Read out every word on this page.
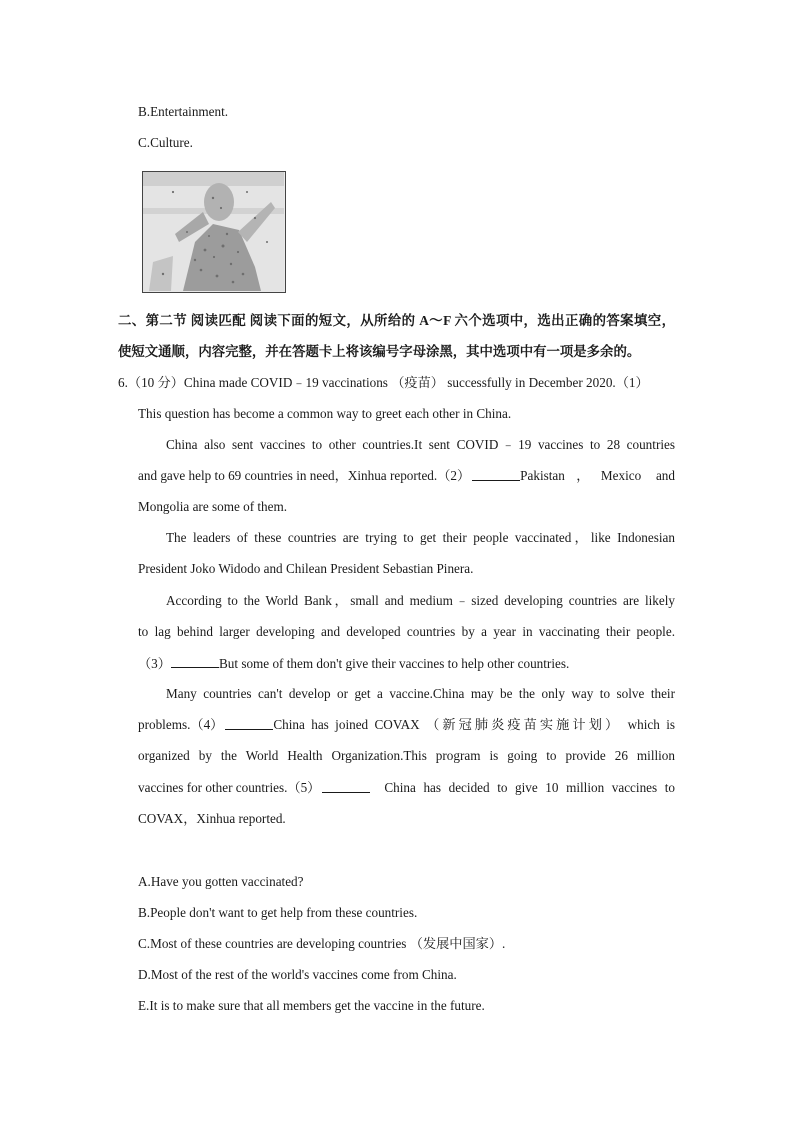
B.Entertainment.
C.Culture.
二、第二节 阅读匹配 阅读下面的短文，从所给的 A～F 六个选项中，选出正确的答案填空，
使短文通顺，内容完整，并在答题卡上将该编号字母涂黑，其中选项中有一项是多余的。
6.（10 分）China made COVID﹣19 vaccinations （疫苗） successfully in December 2020.（1）
This question has become a common way to greet each other in China.
China also sent vaccines to other countries.It sent COVID﹣19 vaccines to 28 countries
and gave help to 69 countries in need，Xinhua reported.（2）	Pakistan，Mexico and
Mongolia are some of them.
The leaders of these countries are trying to get their people vaccinated，like Indonesian
President Joko Widodo and Chilean President Sebastian Pinera.
According to the World Bank，small and medium﹣sized developing countries are likely
to lag behind larger developing and developed countries by a year in vaccinating their people.
（3）	But some of them don't give their vaccines to help other countries.
Many countries can't develop or get a vaccine.China may be the only way to solve their
problems.（4）	China has joined COVAX （新冠肺炎疫苗实施计划） which is
organized by the World Health Organization.This program is going to provide 26 million
vaccines for other countries.（5）	China has decided to give 10 million vaccines to
COVAX，Xinhua reported.
A.Have you gotten vaccinated?
B.People don't want to get help from these countries.
C.Most of these countries are developing countries （发展中国家）.
D.Most of the rest of the world's vaccines come from China.
E.It is to make sure that all members get the vaccine in the future.
